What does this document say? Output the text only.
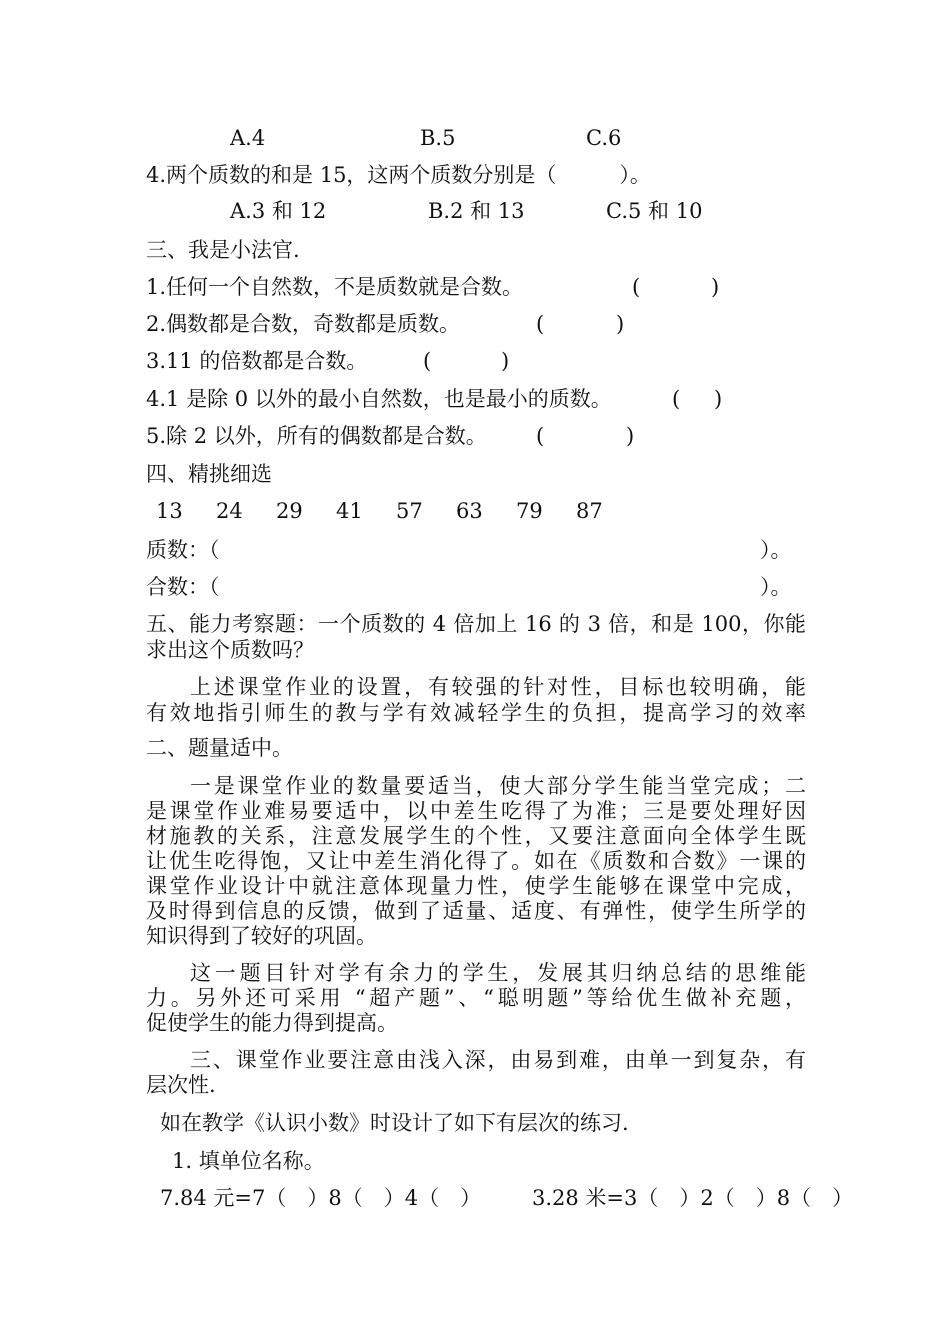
A.4	B.5	C.6
4.两个质数的和是 15，这两个质数分别是（　　　）。
A.3 和 12	B.2 和 13	C.5 和 10
三、我是小法官.
1.任何一个自然数，不是质数就是合数。	(	)
2.偶数都是合数，奇数都是质数。	(	)
3.11 的倍数都是合数。	(	)
4.1 是除 0 以外的最小自然数，也是最小的质数。	( )
5.除 2 以外，所有的偶数都是合数。 (	)
四、精挑细选
13 24 29 41 57 63 79 87
质数：（	）。
合数：（	）。
五、能力考察题：一个质数的 4 倍加上 16 的 3 倍，和是 100，你能
求出这个质数吗？
上述课堂作业的设置，有较强的针对性，目标也较明确，能
有效地指引师生的教与学有效减轻学生的负担，提高学习的效率
二、题量适中。
一是课堂作业的数量要适当，使大部分学生能当堂完成；二
是课堂作业难易要适中，以中差生吃得了为准；三是要处理好因
材施教的关系，注意发展学生的个性，又要注意面向全体学生既
让优生吃得饱，又让中差生消化得了。如在《质数和合数》一课的
课堂作业设计中就注意体现量力性，使学生能够在课堂中完成，
及时得到信息的反馈，做到了适量、适度、有弹性，使学生所学的
知识得到了较好的巩固。
这一题目针对学有余力的学生，发展其归纳总结的思维能
力。另外还可采用 “超产题”、“聪明题”等给优生做补充题，
促使学生的能力得到提高。
三、课堂作业要注意由浅入深，由易到难，由单一到复杂，有
层次性.
如在教学《认识小数》时设计了如下有层次的练习.
1. 填单位名称。
7.84 元=7（　）8（　）4（　） 3.28 米=3（　）2（　）8（　）
